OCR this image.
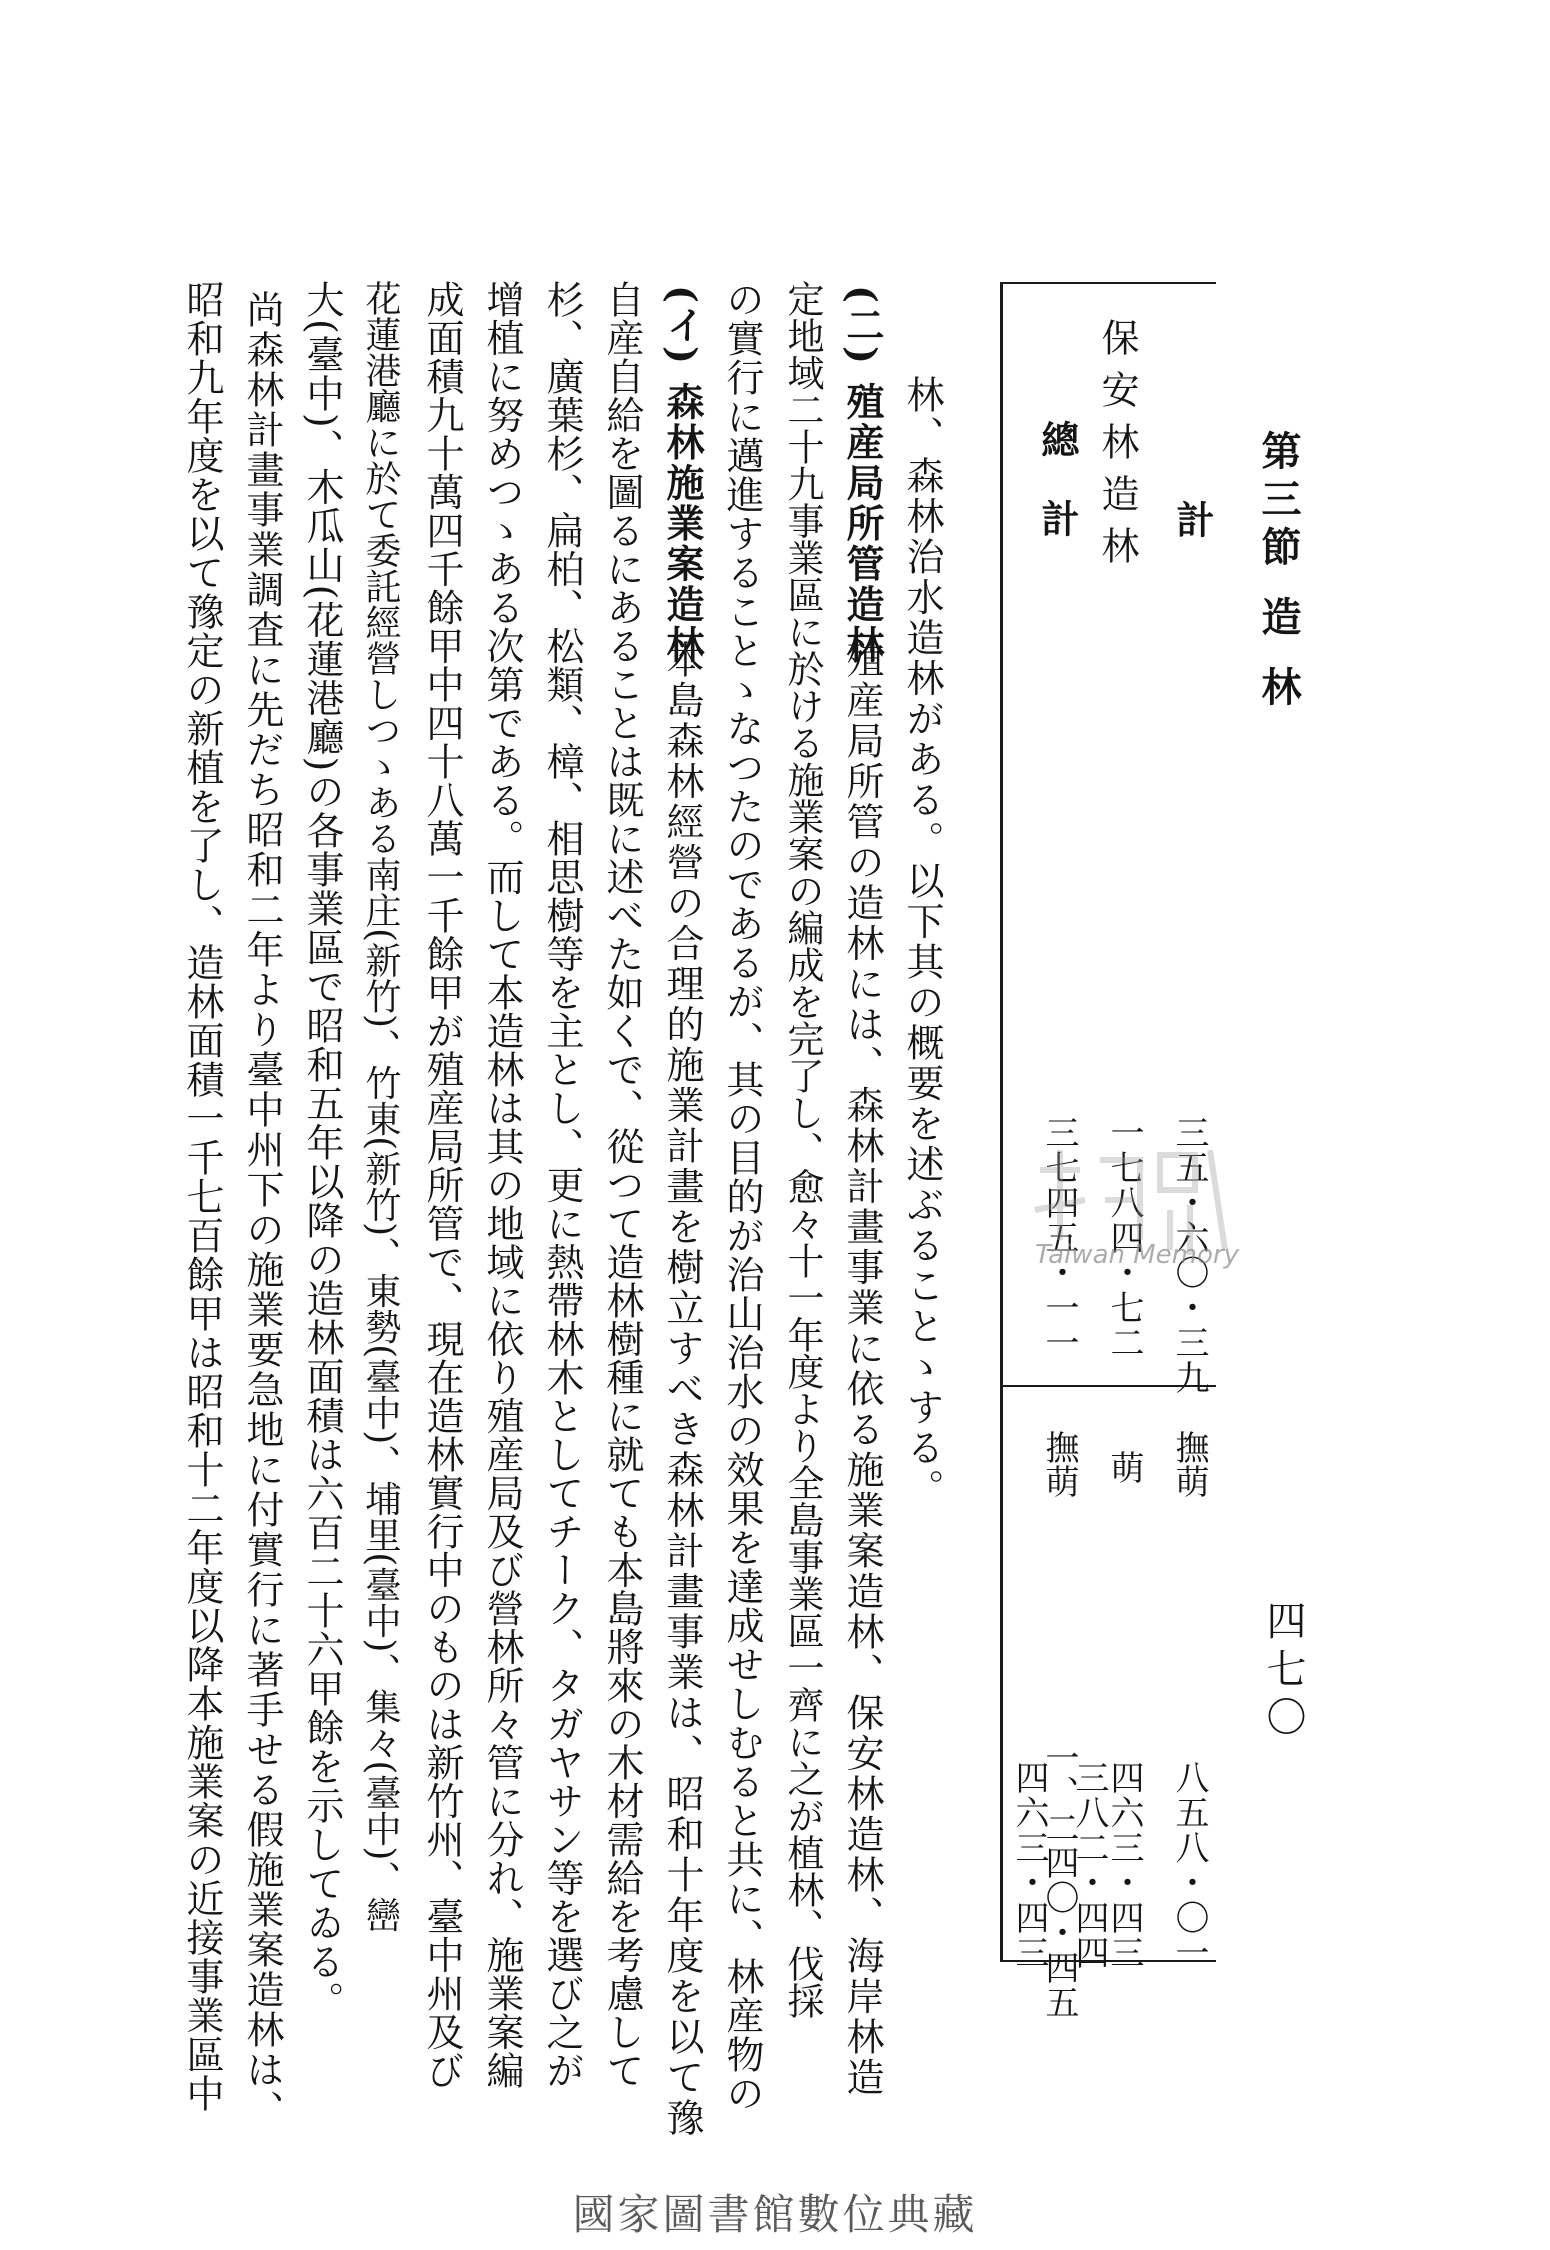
第三節 造 林
四七〇
計
保安林造林
總 計
三五・六〇・三九
一七八四・七二
三七四五・一一
撫萌
萌
撫萌
八五八・〇一
四六三・四三
三八二・四四
一、二四〇・四五
四六三・四三
林、森林治水造林がある。以下其の概要を述ぶることゝする。
(二) 殖産局所管造林
殖産局所管の造林には、森林計畫事業に依る施業案造林、保安林造林、海岸林造
定地域二十九事業區に於ける施業案の編成を完了し、愈々十一年度より全島事業區一齊に之が植林、伐採
の實行に邁進することゝなつたのであるが、其の目的が治山治水の效果を達成せしむると共に、林産物の
(イ) 森林施業案造林
本島森林經營の合理的施業計畫を樹立すべき森林計畫事業は、昭和十年度を以て豫
自産自給を圖るにあることは既に述べた如くで、從つて造林樹種に就ても本島將來の木材需給を考慮して
杉、廣葉杉、扁柏、松類、樟、相思樹等を主とし、更に熱帶林木としてチーク、タガヤサン等を選び之が
增植に努めつゝある次第である。而して本造林は其の地域に依り殖産局及び營林所々管に分れ、施業案編
成面積九十萬四千餘甲中四十八萬一千餘甲が殖産局所管で、現在造林實行中のものは新竹州、臺中州及び
花蓮港廳に於て委託經營しつゝある南庄(新竹)、竹東(新竹)、東勢(臺中)、埔里(臺中)、集々(臺中)、巒
大(臺中)、木瓜山(花蓮港廳)の各事業區で昭和五年以降の造林面積は六百二十六甲餘を示してゐる。
尚森林計畫事業調査に先だち昭和二年より臺中州下の施業要急地に付實行に著手せる假施業案造林は、
昭和九年度を以て豫定の新植を了し、造林面積一千七百餘甲は昭和十二年度以降本施業案の近接事業區中	Taiwan Memory
國家圖書館數位典藏
